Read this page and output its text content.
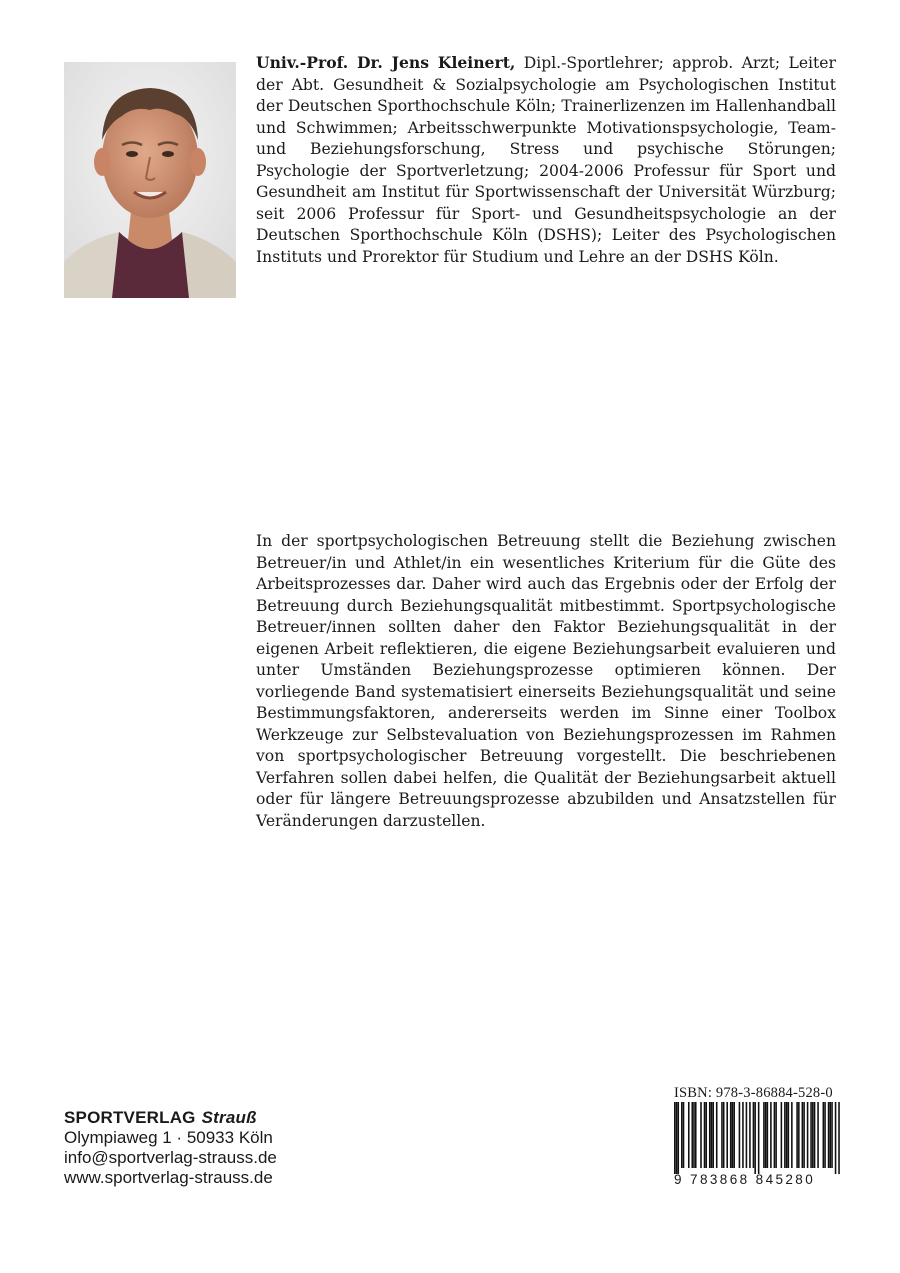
Univ.-Prof. Dr. Jens Kleinert, Dipl.-Sportlehrer; approb. Arzt; Leiter der Abt. Gesundheit & Sozialpsychologie am Psychologischen Institut der Deutschen Sporthochschule Köln; Trainerlizenzen im Hallenhandball und Schwimmen; Arbeitsschwerpunkte Motivationspsychologie, Team- und Beziehungsforschung, Stress und psychische Störungen; Psychologie der Sportverletzung; 2004-2006 Professur für Sport und Gesundheit am Institut für Sportwissenschaft der Universität Würzburg; seit 2006 Professur für Sport- und Gesundheitspsychologie an der Deutschen Sporthochschule Köln (DSHS); Leiter des Psychologischen Instituts und Prorektor für Studium und Lehre an der DSHS Köln.

In der sportpsychologischen Betreuung stellt die Beziehung zwischen Betreuer/in und Athlet/in ein wesentliches Kriterium für die Güte des Arbeitsprozesses dar. Daher wird auch das Ergebnis oder der Erfolg der Betreuung durch Beziehungsqualität mitbestimmt. Sportpsychologische Betreuer/innen sollten daher den Faktor Beziehungsqualität in der eigenen Arbeit reflektieren, die eigene Beziehungsarbeit evaluieren und unter Umständen Beziehungsprozesse optimieren können. Der vorliegende Band systematisiert einerseits Beziehungsqualität und seine Bestimmungsfaktoren, andererseits werden im Sinne einer Toolbox Werkzeuge zur Selbstevaluation von Beziehungsprozessen im Rahmen von sportpsychologischer Betreuung vorgestellt. Die beschriebenen Verfahren sollen dabei helfen, die Qualität der Beziehungsarbeit aktuell oder für längere Betreuungsprozesse abzubilden und Ansatzstellen für Veränderungen darzustellen.

SPORTVERLAG Strauß
Olympiaweg 1 · 50933 Köln
info@sportverlag-strauss.de
www.sportverlag-strauss.de
ISBN: 978-3-86884-528-0
9 783868 845280
